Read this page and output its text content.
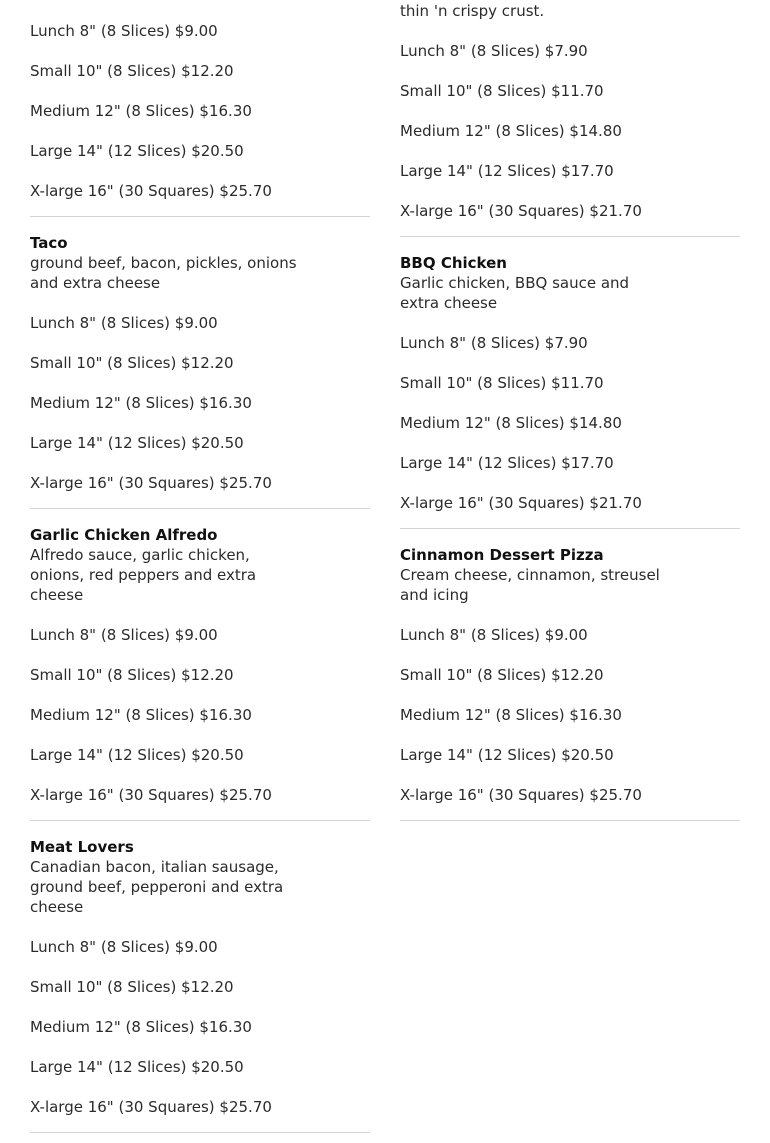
Lunch 8" (8 Slices) $9.00
Small 10" (8 Slices) $12.20
Medium 12" (8 Slices) $16.30
Large 14" (12 Slices) $20.50
X-large 16" (30 Squares) $25.70
Taco
ground beef, bacon, pickles, onions and extra cheese
Lunch 8" (8 Slices) $9.00
Small 10" (8 Slices) $12.20
Medium 12" (8 Slices) $16.30
Large 14" (12 Slices) $20.50
X-large 16" (30 Squares) $25.70
Garlic Chicken Alfredo
Alfredo sauce, garlic chicken, onions, red peppers and extra cheese
Lunch 8" (8 Slices) $9.00
Small 10" (8 Slices) $12.20
Medium 12" (8 Slices) $16.30
Large 14" (12 Slices) $20.50
X-large 16" (30 Squares) $25.70
Meat Lovers
Canadian bacon, italian sausage, ground beef, pepperoni and extra cheese
Lunch 8" (8 Slices) $9.00
Small 10" (8 Slices) $12.20
Medium 12" (8 Slices) $16.30
Large 14" (12 Slices) $20.50
X-large 16" (30 Squares) $25.70
thin 'n crispy crust.
Lunch 8" (8 Slices) $7.90
Small 10" (8 Slices) $11.70
Medium 12" (8 Slices) $14.80
Large 14" (12 Slices) $17.70
X-large 16" (30 Squares) $21.70
BBQ Chicken
Garlic chicken, BBQ sauce and extra cheese
Lunch 8" (8 Slices) $7.90
Small 10" (8 Slices) $11.70
Medium 12" (8 Slices) $14.80
Large 14" (12 Slices) $17.70
X-large 16" (30 Squares) $21.70
Cinnamon Dessert Pizza
Cream cheese, cinnamon, streusel and icing
Lunch 8" (8 Slices) $9.00
Small 10" (8 Slices) $12.20
Medium 12" (8 Slices) $16.30
Large 14" (12 Slices) $20.50
X-large 16" (30 Squares) $25.70
